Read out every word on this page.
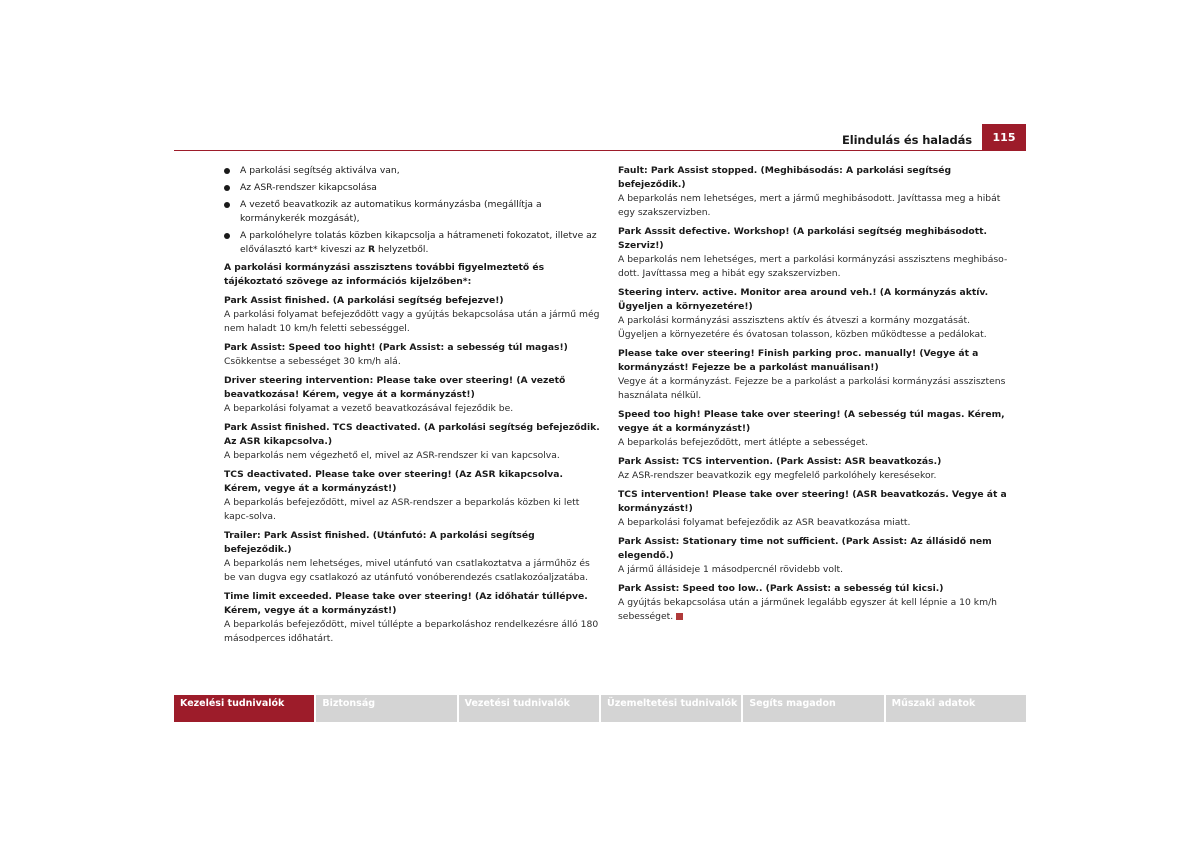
Elindulás és haladás	115
A parkolási segítség aktiválva van,
Az ASR-rendszer kikapcsolása
A vezető beavatkozik az automatikus kormányzásba (megállítja a kormánykerék mozgását),
A parkolóhelyre tolatás közben kikapcsolja a hátrameneti fokozatot, illetve az előválasztó kart* kiveszi az R helyzetből.
A parkolási kormányzási asszisztens további figyelmeztető és tájékoztató szövege az információs kijelzőben*:
Park Assist finished. (A parkolási segítség befejezve!)
A parkolási folyamat befejeződött vagy a gyújtás bekapcsolása után a jármű még nem haladt 10 km/h feletti sebességgel.
Park Assist: Speed too hight! (Park Assist: a sebesség túl magas!)
Csökkentse a sebességet 30 km/h alá.
Driver steering intervention: Please take over steering! (A vezető beavatkozása! Kérem, vegye át a kormányzást!)
A beparkolási folyamat a vezető beavatkozásával fejeződik be.
Park Assist finished. TCS deactivated. (A parkolási segítség befejeződik. Az ASR kikapcsolva.)
A beparkolás nem végezhető el, mivel az ASR-rendszer ki van kapcsolva.
TCS deactivated. Please take over steering! (Az ASR kikapcsolva. Kérem, vegye át a kormányzást!)
A beparkolás befejeződött, mivel az ASR-rendszer a beparkolás közben ki lett kapc-solva.
Trailer: Park Assist finished. (Utánfutó: A parkolási segítség befejeződik.)
A beparkolás nem lehetséges, mivel utánfutó van csatlakoztatva a járműhöz és be van dugva egy csatlakozó az utánfutó vonóberendezés csatlakozóaljzatába.
Time limit exceeded. Please take over steering! (Az időhatár túllépve. Kérem, vegye át a kormányzást!)
A beparkolás befejeződött, mivel túllépte a beparkoláshoz rendelkezésre álló 180 másodperces időhatárt.
Fault: Park Assist stopped. (Meghibásodás: A parkolási segítség befejeződik.)
A beparkolás nem lehetséges, mert a jármű meghibásodott. Javíttassa meg a hibát egy szakszervizben.
Park Asssit defective. Workshop! (A parkolási segítség meghibásodott. Szerviz!)
A beparkolás nem lehetséges, mert a parkolási kormányzási asszisztens meghibáso-dott. Javíttassa meg a hibát egy szakszervizben.
Steering interv. active. Monitor area around veh.! (A kormányzás aktív. Ügyeljen a környezetére!)
A parkolási kormányzási asszisztens aktív és átveszi a kormány mozgatását. Ügyeljen a környezetére és óvatosan tolasson, közben működtesse a pedálokat.
Please take over steering! Finish parking proc. manually! (Vegye át a kormányzást! Fejezze be a parkolást manuálisan!)
Vegye át a kormányzást. Fejezze be a parkolást a parkolási kormányzási asszisztens használata nélkül.
Speed too high! Please take over steering! (A sebesség túl magas. Kérem, vegye át a kormányzást!)
A beparkolás befejeződött, mert átlépte a sebességet.
Park Assist: TCS intervention. (Park Assist: ASR beavatkozás.)
Az ASR-rendszer beavatkozik egy megfelelő parkolóhely keresésekor.
TCS intervention! Please take over steering! (ASR beavatkozás. Vegye át a kormányzást!)
A beparkolási folyamat befejeződik az ASR beavatkozása miatt.
Park Assist: Stationary time not sufficient. (Park Assist: Az állásidő nem elegendő.)
A jármű állásideje 1 másodpercnél rövidebb volt.
Park Assist: Speed too low.. (Park Assist: a sebesség túl kicsi.)
A gyújtás bekapcsolása után a járműnek legalább egyszer át kell lépnie a 10 km/h sebességet.
Kezelési tudnivalók	Biztonság	Vezetési tudnivalók	Üzemeltetési tudnivalók	Segíts magadon	Műszaki adatok
